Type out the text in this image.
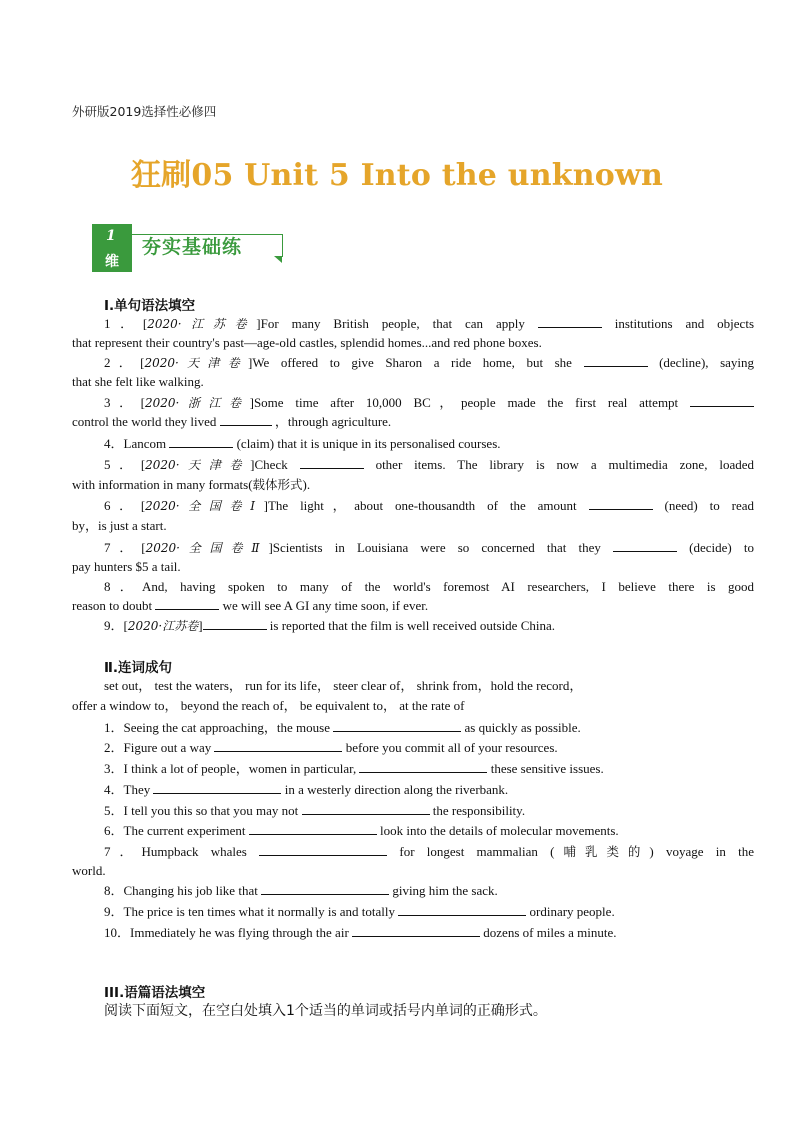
外研版2019选择性必修四
狂刷05 Unit 5 Into the unknown
1
维
夯实基础练
Ⅰ.单句语法填空
1．[2020·江苏卷]For many British people, that can apply	institutions and objects
that represent their country's past—age-old castles, splendid homes...and red phone boxes.
2．[2020·天津卷]We offered to give Sharon a ride home, but she	(decline), saying
that she felt like walking.
3．[2020·浙江卷]Some time after 10,000 BC，people made the first real attempt
control the world they lived	，through agriculture.
4．Lancom	(claim) that it is unique in its personalised courses.
5．[2020·天津卷]Check	other items. The library is now a multimedia zone, loaded
with information in many formats(载体形式).
6．[2020·全国卷Ⅰ]The light，about one-thousandth of the amount	(need) to read
by，is just a start.
7．[2020·全国卷Ⅱ]Scientists in Louisiana were so concerned that they	(decide) to
pay hunters $5 a tail.
8．And, having spoken to many of the world's foremost AI researchers, I believe there is good
reason to doubt	we will see A GI any time soon, if ever.
9．[2020·江苏卷]	is reported that the film is well received outside China.
Ⅱ.连词成句
set out， test the waters， run for its life， steer clear of， shrink from，hold the record，
offer a window to， beyond the reach of， be equivalent to， at the rate of
1．Seeing the cat approaching，the mouse	as quickly as possible.
2．Figure out a way	before you commit all of your resources.
3．I think a lot of people，women in particular,	these sensitive issues.
4．They	in a westerly direction along the riverbank.
5．I tell you this so that you may not	the responsibility.
6．The current experiment	look into the details of molecular movements.
7．Humpback whales	for longest mammalian (哺乳类的) voyage in the
world.
8．Changing his job like that	giving him the sack.
9．The price is ten times what it normally is and totally	ordinary people.
10．Immediately he was flying through the air	dozens of miles a minute.
III.语篇语法填空
阅读下面短文，在空白处填入1个适当的单词或括号内单词的正确形式。
